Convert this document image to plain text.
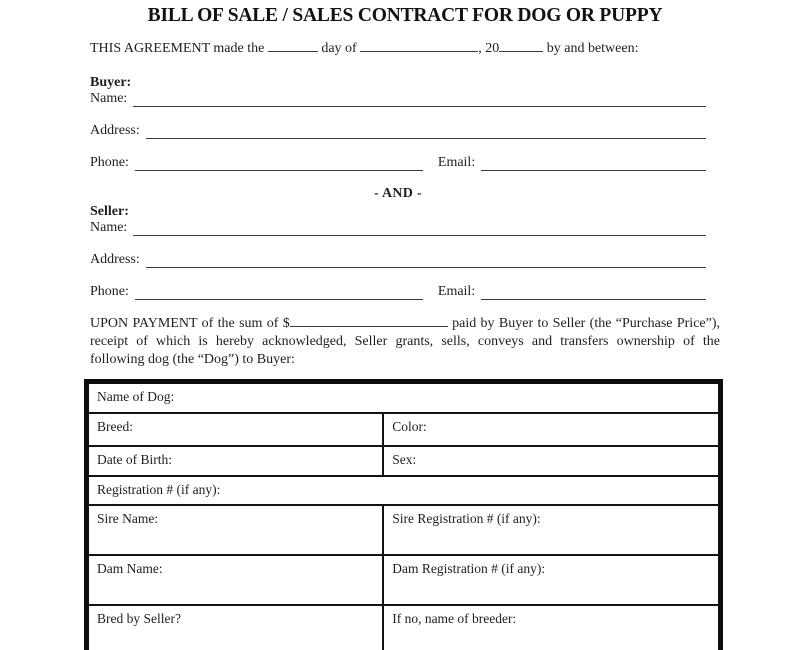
BILL OF SALE / SALES CONTRACT FOR DOG OR PUPPY

THIS AGREEMENT made the	day of	, 20	by and between:

Buyer:
Name:
Address:
Phone:	Email:
- AND -
Seller:
Name:
Address:
Phone:	Email:
UPON PAYMENT of the sum of $	paid by Buyer to Seller (the “Purchase Price”),
receipt of which is hereby acknowledged, Seller grants, sells, conveys and transfers ownership of the
following dog (the “Dog”) to Buyer:
Name of Dog:	
Breed:	Color:
Date of Birth:	Sex:
Registration # (if any):	
Sire Name:	Sire Registration # (if any):
Dam Name:	Dam Registration # (if any):
Bred by Seller?	If no, name of breeder:
